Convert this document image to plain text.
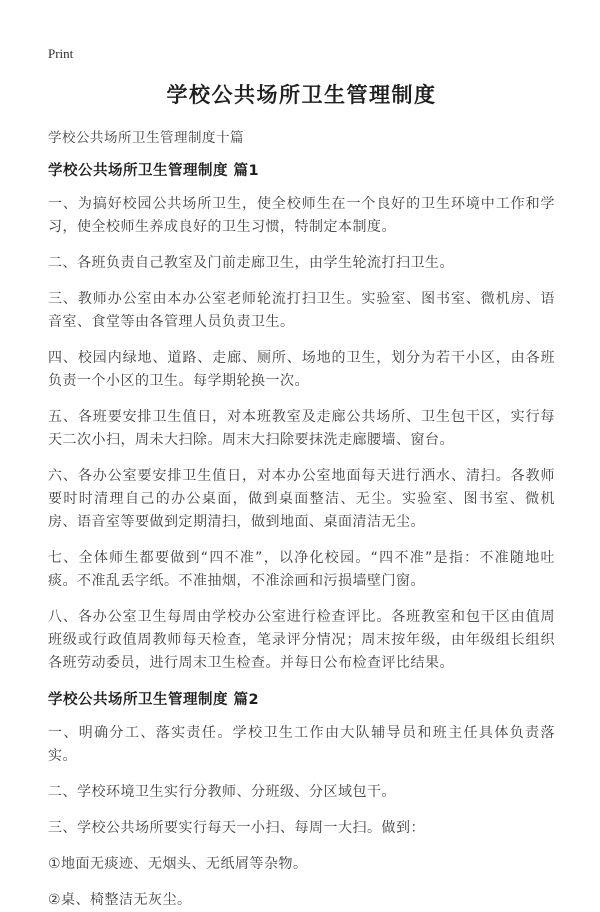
Print
学校公共场所卫生管理制度

学校公共场所卫生管理制度十篇

学校公共场所卫生管理制度 篇1

一、为搞好校园公共场所卫生，使全校师生在一个良好的卫生环境中工作和学习，使全校师生养成良好的卫生习惯，特制定本制度。

二、各班负责自己教室及门前走廊卫生，由学生轮流打扫卫生。

三、教师办公室由本办公室老师轮流打扫卫生。实验室、图书室、微机房、语音室、食堂等由各管理人员负责卫生。

四、校园内绿地、道路、走廊、厕所、场地的卫生，划分为若干小区，由各班负责一个小区的卫生。每学期轮换一次。

五、各班要安排卫生值日，对本班教室及走廊公共场所、卫生包干区，实行每天二次小扫，周未大扫除。周末大扫除要抹洗走廊腰墙、窗台。

六、各办公室要安排卫生值日，对本办公室地面每天进行洒水、清扫。各教师要时时清理自己的办公桌面，做到桌面整洁、无尘。实验室、图书室、微机房、语音室等要做到定期清扫，做到地面、桌面清洁无尘。

七、全体师生都要做到“四不准”，以净化校园。“四不准”是指：不准随地吐痰。不准乱丢字纸。不准抽烟，不准涂画和污损墙壁门窗。

八、各办公室卫生每周由学校办公室进行检查评比。各班教室和包干区由值周班级或行政值周教师每天检查，笔录评分情况；周末按年级，由年级组长组织各班劳动委员，进行周末卫生检查。并每日公布检查评比结果。

学校公共场所卫生管理制度 篇2

一、明确分工、落实责任。学校卫生工作由大队辅导员和班主任具体负责落实。

二、学校环境卫生实行分教师、分班级、分区域包干。

三、学校公共场所要实行每天一小扫、每周一大扫。做到：

①地面无痰迹、无烟头、无纸屑等杂物。

②桌、椅整洁无灰尘。
